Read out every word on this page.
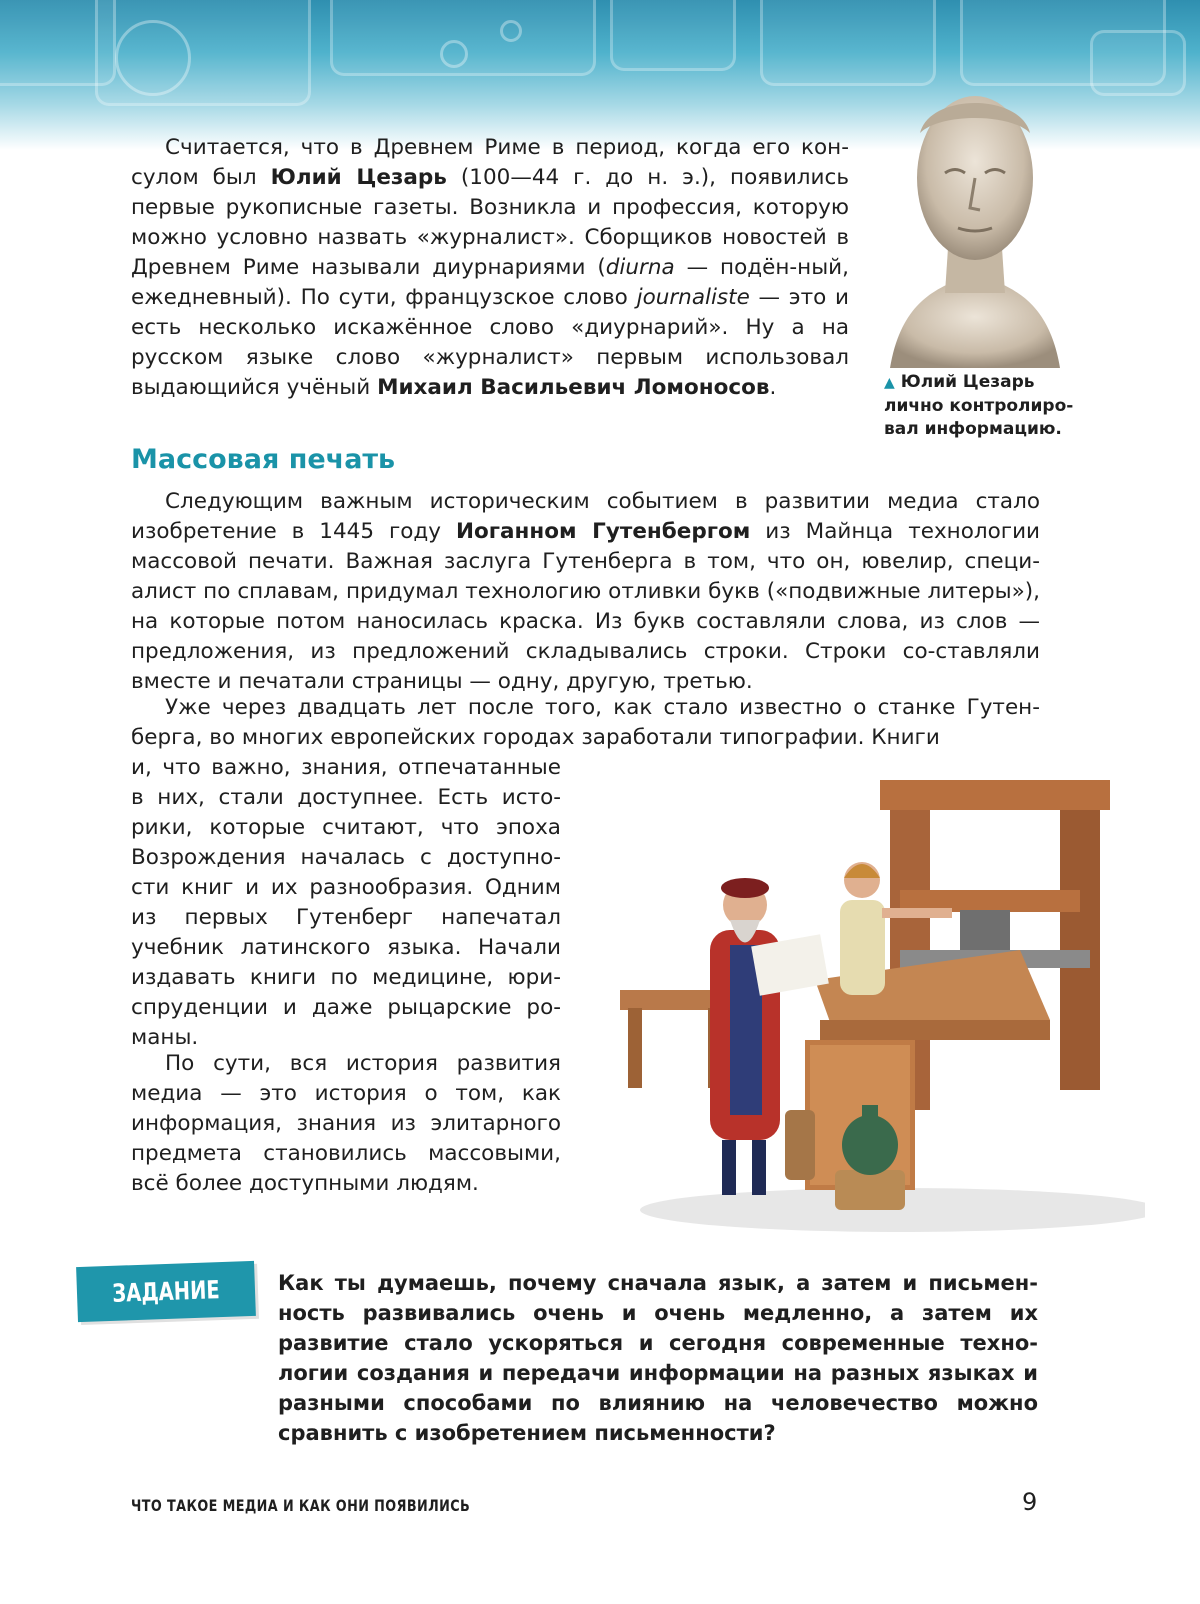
Считается, что в Древнем Риме в период, когда его кон-сулом был Юлий Цезарь (100—44 г. до н. э.), появились первые рукописные газеты. Возникла и профессия, которую можно условно назвать «журналист». Сборщиков новостей в Древнем Риме называли диурнариями (diurna — подён-ный, ежедневный). По сути, французское слово journaliste — это и есть несколько искажённое слово «диурнарий». Ну а на русском языке слово «журналист» первым использовал выдающийся учёный Михаил Васильевич Ломоносов.	▲ Юлий Цезарь лично контролиро-вал информацию.
Массовая печать

Следующим важным историческим событием в развитии медиа стало изобретение в 1445 году Иоганном Гутенбергом из Майнца технологии массовой печати. Важная заслуга Гутенберга в том, что он, ювелир, специ-алист по сплавам, придумал технологию отливки букв («подвижные литеры»), на которые потом наносилась краска. Из букв составляли слова, из слов — предложения, из предложений складывались строки. Строки со-ставляли вместе и печатали страницы — одну, другую, третью.

Уже через двадцать лет после того, как стало известно о станке Гутен-берга, во многих европейских городах заработали типографии. Книги

и, что важно, знания, отпечатанные в них, стали доступнее. Есть исто-рики, которые считают, что эпоха Возрождения началась с доступно-сти книг и их разнообразия. Одним из первых Гутенберг напечатал учебник латинского языка. Начали издавать книги по медицине, юри-спруденции и даже рыцарские ро-маны.

По сути, вся история развития медиа — это история о том, как информация, знания из элитарного предмета становились массовыми, всё более доступными людям.

ЗАДАНИЕ	Как ты думаешь, почему сначала язык, а затем и письмен-ность развивались очень и очень медленно, а затем их развитие стало ускоряться и сегодня современные техно-логии создания и передачи информации на разных языках и разными способами по влиянию на человечество можно сравнить с изобретением письменности?

ЧТО ТАКОЕ МЕДИА И КАК ОНИ ПОЯВИЛИСЬ	9
